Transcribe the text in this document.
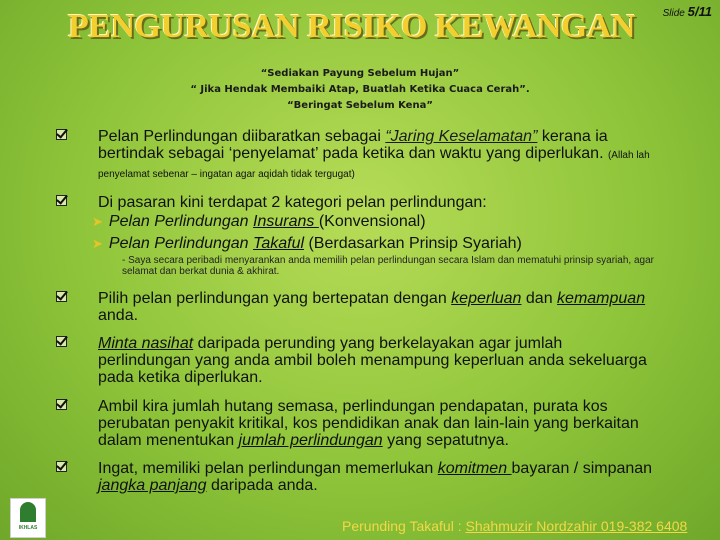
PENGURUSAN RISIKO KEWANGAN	Slide 5/11
“Sediakan Payung Sebelum Hujan”
“ Jika Hendak Membaiki Atap, Buatlah Ketika Cuaca Cerah”.
“Beringat Sebelum Kena”
Pelan Perlindungan diibaratkan sebagai “Jaring Keselamatan” kerana ia bertindak sebagai ‘penyelamat’ pada ketika dan waktu yang diperlukan. (Allah lah penyelamat sebenar – ingatan agar aqidah tidak tergugat)
Di pasaran kini terdapat 2 kategori pelan perlindungan:
➤ Pelan Perlindungan Insurans (Konvensional)
➤ Pelan Perlindungan Takaful (Berdasarkan Prinsip Syariah)
- Saya secara peribadi menyarankan anda memilih pelan perlindungan secara Islam dan mematuhi prinsip syariah, agar selamat dan berkat dunia & akhirat.
Pilih pelan perlindungan yang bertepatan dengan keperluan dan kemampuan anda.
Minta nasihat daripada perunding yang berkelayakan agar jumlah perlindungan yang anda ambil boleh menampung keperluan anda sekeluarga pada ketika diperlukan.
Ambil kira jumlah hutang semasa, perlindungan pendapatan, purata kos perubatan penyakit kritikal, kos pendidikan anak dan lain-lain yang berkaitan dalam menentukan jumlah perlindungan yang sepatutnya.
Ingat, memiliki pelan perlindungan memerlukan komitmen bayaran / simpanan jangka panjang daripada anda.
IKHLAS	Perunding Takaful : Shahmuzir Nordzahir 019-382 6408
